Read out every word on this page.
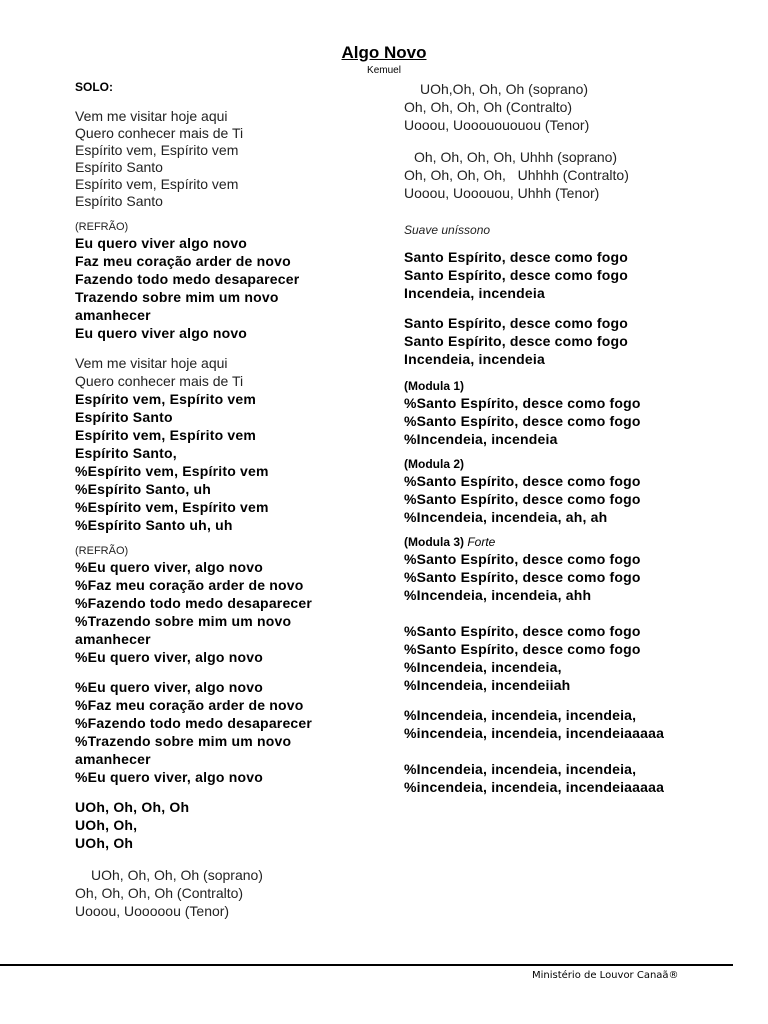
Algo Novo
Kemuel
SOLO:
Vem me visitar hoje aqui
Quero conhecer mais de Ti
Espírito vem, Espírito vem
Espírito Santo
Espírito vem, Espírito vem
Espírito Santo
(REFRÃO)
Eu quero viver algo novo
Faz meu coração arder de novo
Fazendo todo medo desaparecer
Trazendo sobre mim um novo
amanhecer
Eu quero viver algo novo
Vem me visitar hoje aqui
Quero conhecer mais de Ti
Espírito vem, Espírito vem
Espírito Santo
Espírito vem, Espírito vem
Espírito Santo,
%Espírito vem, Espírito vem
%Espírito Santo, uh
%Espírito vem, Espírito vem
%Espírito Santo uh, uh
(REFRÃO)
%Eu quero viver, algo novo
%Faz meu coração arder de novo
%Fazendo todo medo desaparecer
%Trazendo sobre mim um novo
amanhecer
%Eu quero viver, algo novo
%Eu quero viver, algo novo
%Faz meu coração arder de novo
%Fazendo todo medo desaparecer
%Trazendo sobre mim um novo
amanhecer
%Eu quero viver, algo novo
UOh, Oh, Oh, Oh
UOh, Oh,
UOh, Oh
UOh, Oh, Oh, Oh (soprano)
Oh, Oh, Oh, Oh (Contralto)
Uooou, Uooooou (Tenor)
UOh,Oh, Oh, Oh (soprano)
Oh, Oh, Oh, Oh (Contralto)
Uooou, Uooouououou (Tenor)
Oh, Oh, Oh, Oh, Uhhh (soprano)
Oh, Oh, Oh, Oh,   Uhhhh (Contralto)
Uooou, Uooouou, Uhhh (Tenor)
Suave uníssono
Santo Espírito, desce como fogo
Santo Espírito, desce como fogo
Incendeia, incendeia
Santo Espírito, desce como fogo
Santo Espírito, desce como fogo
Incendeia, incendeia
(Modula 1)
%Santo Espírito, desce como fogo
%Santo Espírito, desce como fogo
%Incendeia, incendeia
(Modula 2)
%Santo Espírito, desce como fogo
%Santo Espírito, desce como fogo
%Incendeia, incendeia, ah, ah
(Modula 3) Forte
%Santo Espírito, desce como fogo
%Santo Espírito, desce como fogo
%Incendeia, incendeia, ahh
%Santo Espírito, desce como fogo
%Santo Espírito, desce como fogo
%Incendeia, incendeia,
%Incendeia, incendeiiah
%Incendeia, incendeia, incendeia,
%incendeia, incendeia, incendeiaaaaa
%Incendeia, incendeia, incendeia,
%incendeia, incendeia, incendeiaaaaa
Ministério de Louvor Canaã®
